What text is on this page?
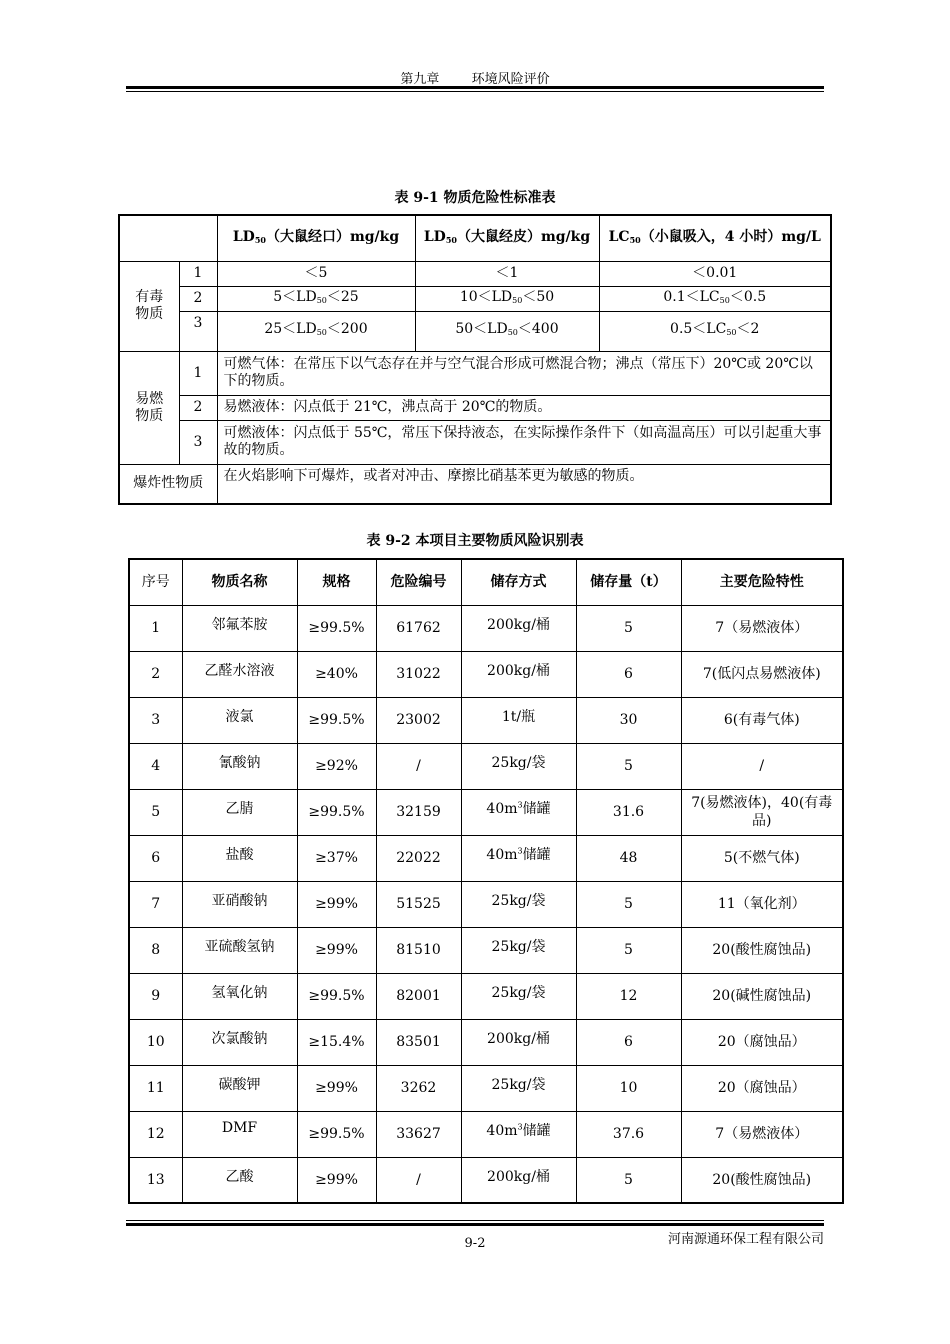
第九章 环境风险评价
表 9-1 物质危险性标准表
		$LD_{50}$（大鼠经口）mg/kg	$LD_{50}$（大鼠经皮）mg/kg	$LC_{50}$（小鼠吸入，4 小时）mg/L
有毒物质	1	＜5	＜1	＜0.01
	2	$5<LD_{50}<25$	$10<LD_{50}<50$	$0.1<LC_{50}<0.5$
	3	$25<LD_{50}<200$	$50<LD_{50}<400$	$0.5<LC_{50}<2$
易燃物质	1	可燃气体：在常压下以气态存在并与空气混合形成可燃混合物；沸点（常压下）20℃或 20℃以下的物质。		
	2	易燃液体：闪点低于 21℃，沸点高于 20℃的物质。		
	3	可燃液体：闪点低于 55℃，常压下保持液态，在实际操作条件下（如高温高压）可以引起重大事故的物质。		
爆炸性物质		在火焰影响下可爆炸，或者对冲击、摩擦比硝基苯更为敏感的物质。		
表 9-2 本项目主要物质风险识别表
序号	物质名称	规格	危险编号	储存方式	储存量（t）	主要危险特性
1	邻氟苯胺	≥99.5%	61762	200kg/桶	5	7（易燃液体）
2	乙醛水溶液	≥40%	31022	200kg/桶	6	7(低闪点易燃液体)
3	液氯	≥99.5%	23002	1t/瓶	30	6(有毒气体)
4	氰酸钠	≥92%	/	25kg/袋	5	/
5	乙腈	≥99.5%	32159	$40m^3$储罐	31.6	7(易燃液体)，40(有毒品)
6	盐酸	≥37%	22022	$40m^3$储罐	48	5(不燃气体)
7	亚硝酸钠	≥99%	51525	25kg/袋	5	11（氧化剂）
8	亚硫酸氢钠	≥99%	81510	25kg/袋	5	20(酸性腐蚀品)
9	氢氧化钠	≥99.5%	82001	25kg/袋	12	20(碱性腐蚀品)
10	次氯酸钠	≥15.4%	83501	200kg/桶	6	20（腐蚀品）
11	碳酸钾	≥99%	3262	25kg/袋	10	20（腐蚀品）
12	DMF	≥99.5%	33627	$40m^3$储罐	37.6	7（易燃液体）
13	乙酸	≥99%	/	200kg/桶	5	20(酸性腐蚀品)
9-2	河南源通环保工程有限公司
